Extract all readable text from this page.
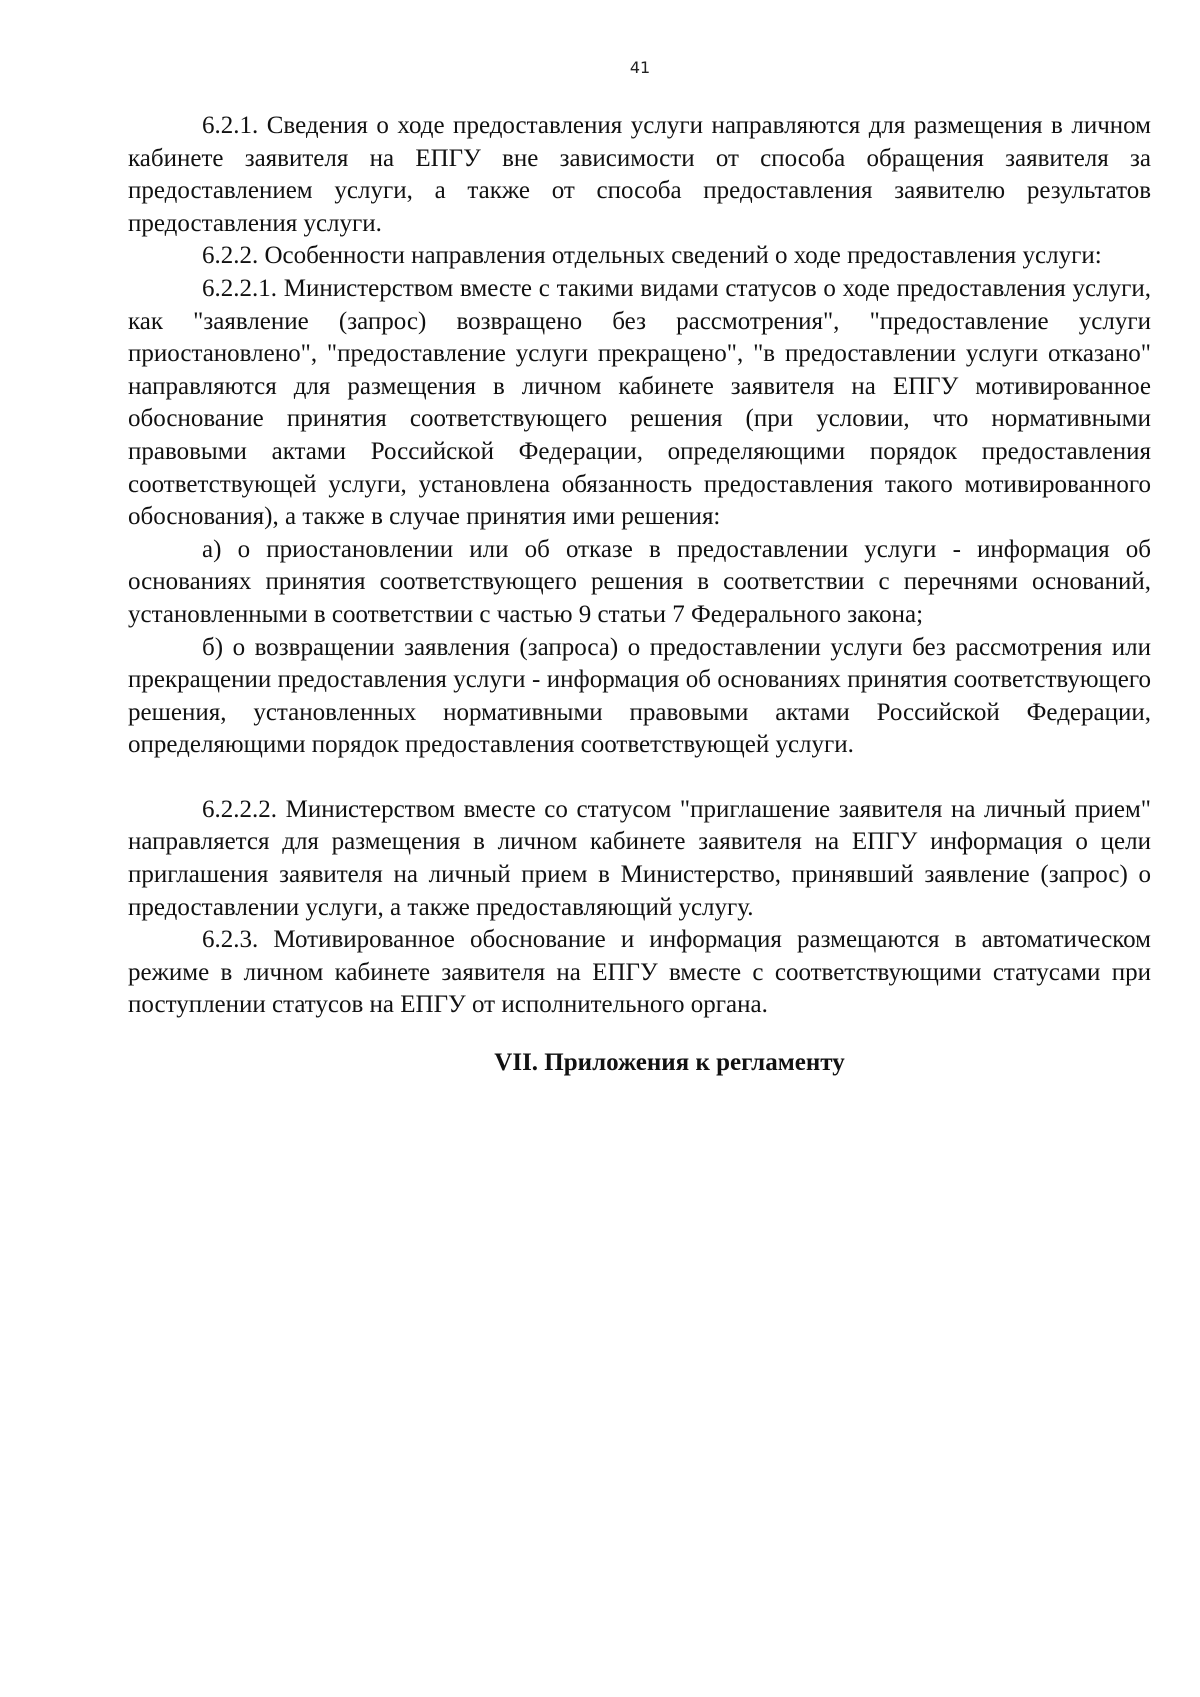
41

6.2.1. Сведения о ходе предоставления услуги направляются для размещения в личном кабинете заявителя на ЕПГУ вне зависимости от способа обращения заявителя за предоставлением услуги, а также от способа предоставления заявителю результатов предоставления услуги.

6.2.2. Особенности направления отдельных сведений о ходе предоставления услуги:

6.2.2.1. Министерством вместе с такими видами статусов о ходе предоставления услуги, как "заявление (запрос) возвращено без рассмотрения", "предоставление услуги приостановлено", "предоставление услуги прекращено", "в предоставлении услуги отказано" направляются для размещения в личном кабинете заявителя на ЕПГУ мотивированное обоснование принятия соответствующего решения (при условии, что нормативными правовыми актами Российской Федерации, определяющими порядок предоставления соответствующей услуги, установлена обязанность предоставления такого мотивированного обоснования), а также в случае принятия ими решения:

а) о приостановлении или об отказе в предоставлении услуги - информация об основаниях принятия соответствующего решения в соответствии с перечнями оснований, установленными в соответствии с частью 9 статьи 7 Федерального закона;

б) о возвращении заявления (запроса) о предоставлении услуги без рассмотрения или прекращении предоставления услуги - информация об основаниях принятия соответствующего решения, установленных нормативными правовыми актами Российской Федерации, определяющими порядок предоставления соответствующей услуги.

6.2.2.2. Министерством вместе со статусом "приглашение заявителя на личный прием" направляется для размещения в личном кабинете заявителя на ЕПГУ информация о цели приглашения заявителя на личный прием в Министерство, принявший заявление (запрос) о предоставлении услуги, а также предоставляющий услугу.

6.2.3. Мотивированное обоснование и информация размещаются в автоматическом режиме в личном кабинете заявителя на ЕПГУ вместе с соответствующими статусами при поступлении статусов на ЕПГУ от исполнительного органа.

VII. Приложения к регламенту
